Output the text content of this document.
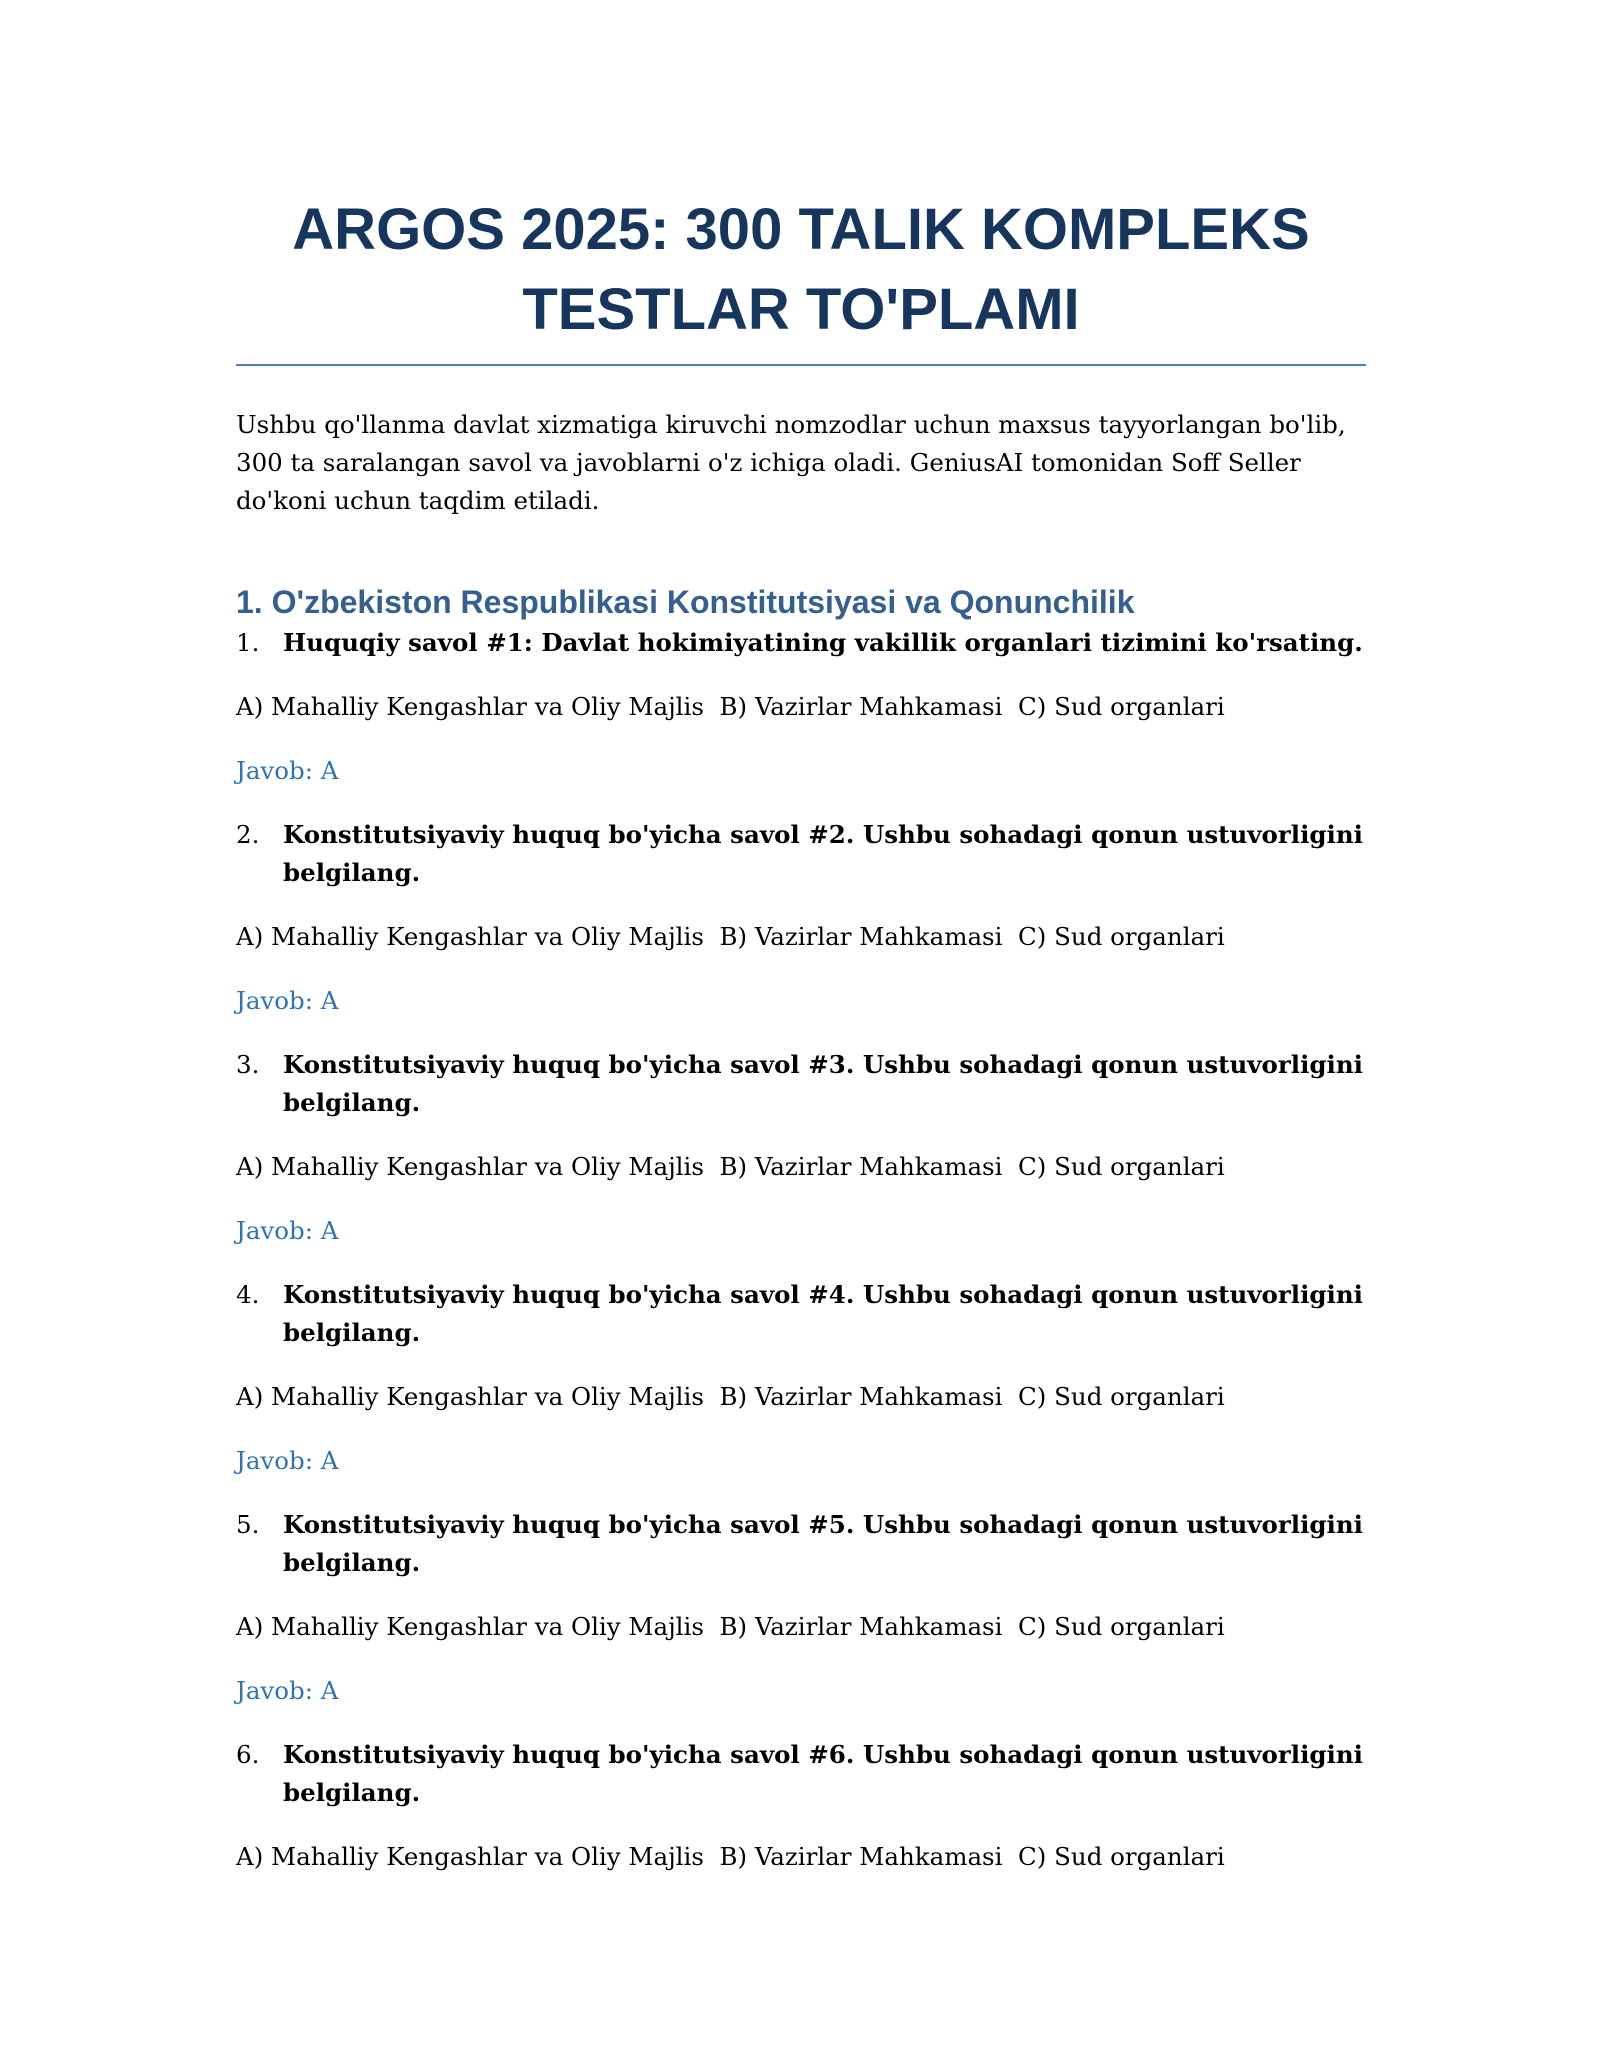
ARGOS 2025: 300 TALIK KOMPLEKS TESTLAR TO'PLAMI

Ushbu qo'llanma davlat xizmatiga kiruvchi nomzodlar uchun maxsus tayyorlangan bo'lib, 300 ta saralangan savol va javoblarni o'z ichiga oladi. GeniusAI tomonidan Soff Seller do'koni uchun taqdim etiladi.

1. O'zbekiston Respublikasi Konstitutsiyasi va Qonunchilik
1. Huquqiy savol #1: Davlat hokimiyatining vakillik organlari tizimini ko'rsating.
A) Mahalliy Kengashlar va Oliy Majlis  B) Vazirlar Mahkamasi  C) Sud organlari
Javob: A
2. Konstitutsiyaviy huquq bo'yicha savol #2. Ushbu sohadagi qonun ustuvorligini belgilang.
A) Mahalliy Kengashlar va Oliy Majlis  B) Vazirlar Mahkamasi  C) Sud organlari
Javob: A
3. Konstitutsiyaviy huquq bo'yicha savol #3. Ushbu sohadagi qonun ustuvorligini belgilang.
A) Mahalliy Kengashlar va Oliy Majlis  B) Vazirlar Mahkamasi  C) Sud organlari
Javob: A
4. Konstitutsiyaviy huquq bo'yicha savol #4. Ushbu sohadagi qonun ustuvorligini belgilang.
A) Mahalliy Kengashlar va Oliy Majlis  B) Vazirlar Mahkamasi  C) Sud organlari
Javob: A
5. Konstitutsiyaviy huquq bo'yicha savol #5. Ushbu sohadagi qonun ustuvorligini belgilang.
A) Mahalliy Kengashlar va Oliy Majlis  B) Vazirlar Mahkamasi  C) Sud organlari
Javob: A
6. Konstitutsiyaviy huquq bo'yicha savol #6. Ushbu sohadagi qonun ustuvorligini belgilang.
A) Mahalliy Kengashlar va Oliy Majlis  B) Vazirlar Mahkamasi  C) Sud organlari
